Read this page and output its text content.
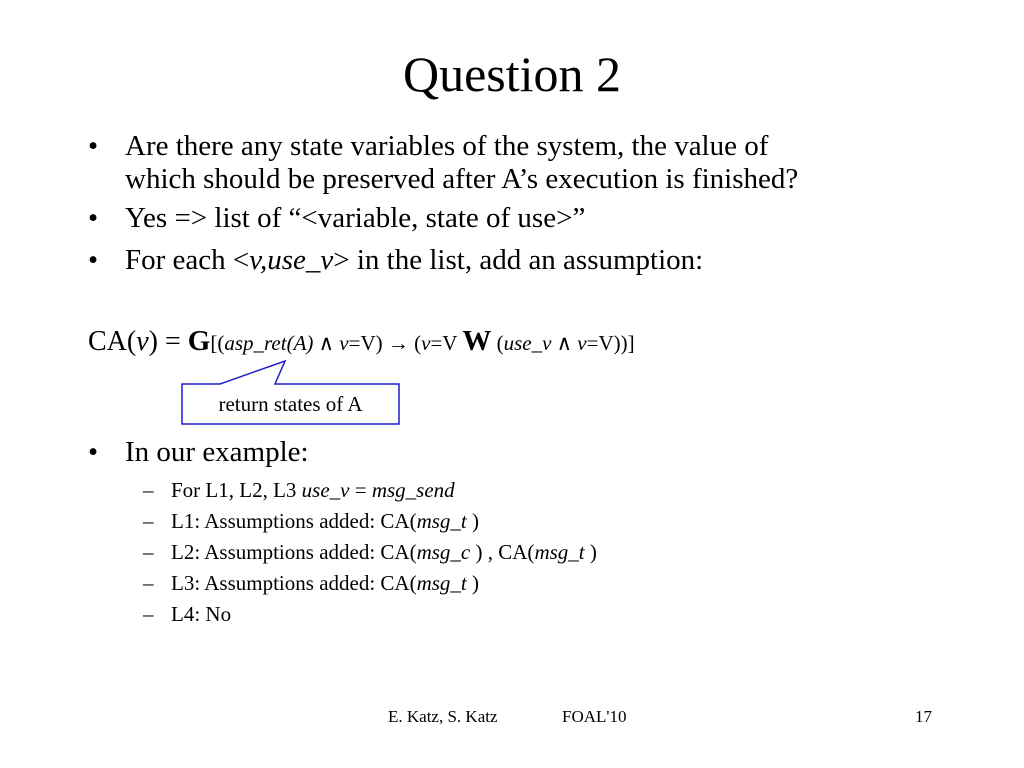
Question 2
• Are there any state variables of the system, the value of
which should be preserved after A’s execution is finished?
• Yes => list of “<variable, state of use>”
• For each <v,use_v> in the list, add an assumption:
CA(v) = G[(asp_ret(A) ∧ v=V) → (v=V W (use_v ∧ v=V))]
return states of A
• In our example:
– For L1, L2, L3 use_v = msg_send
– L1: Assumptions added: CA(msg_t )
– L2: Assumptions added: CA(msg_c ) , CA(msg_t )
– L3: Assumptions added: CA(msg_t )
– L4: No
E. Katz, S. Katz	FOAL'10	17
